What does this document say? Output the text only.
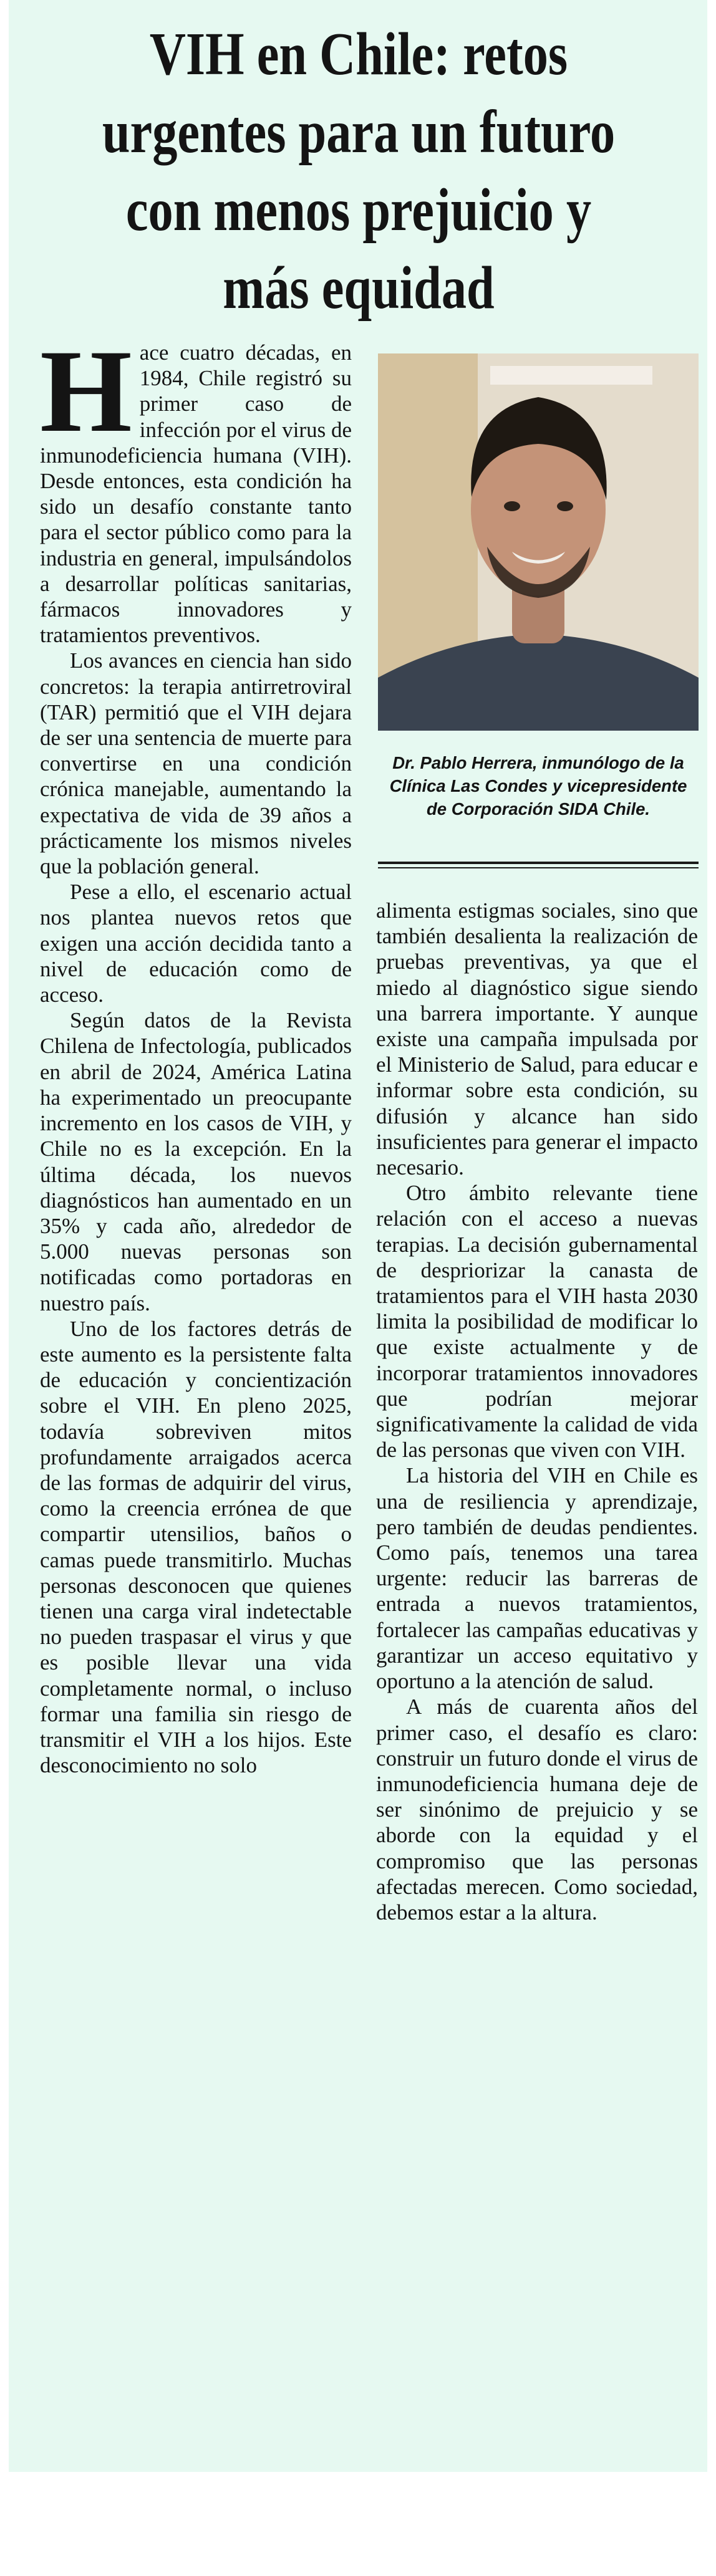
VIH en Chile: retos urgentes para un futuro con menos prejuicio y más equidad

Hace cuatro décadas, en 1984, Chile registró su primer caso de infección por el virus de inmunodeficiencia humana (VIH). Desde entonces, esta condición ha sido un desafío constante tanto para el sector público como para la industria en general, impulsándolos a desarrollar políticas sanitarias, fármacos innovadores y tratamientos preventivos.

Los avances en ciencia han sido concretos: la terapia antirretroviral (TAR) permitió que el VIH dejara de ser una sentencia de muerte para convertirse en una condición crónica manejable, aumentando la expectativa de vida de 39 años a prácticamente los mismos niveles que la población general.

Pese a ello, el escenario actual nos plantea nuevos retos que exigen una acción decidida tanto a nivel de educación como de acceso.

Según datos de la Revista Chilena de Infectología, publicados en abril de 2024, América Latina ha experimentado un preocupante incremento en los casos de VIH, y Chile no es la excepción. En la última década, los nuevos diagnósticos han aumentado en un 35% y cada año, alrededor de 5.000 nuevas personas son notificadas como portadoras en nuestro país.

Uno de los factores detrás de este aumento es la persistente falta de educación y concientización sobre el VIH. En pleno 2025, todavía sobreviven mitos profundamente arraigados acerca de las formas de adquirir del virus, como la creencia errónea de que compartir utensilios, baños o camas puede transmitirlo. Muchas personas desconocen que quienes tienen una carga viral indetectable no pueden traspasar el virus y que es posible llevar una vida completamente normal, o incluso formar una familia sin riesgo de transmitir el VIH a los hijos. Este desconocimiento no solo

Dr. Pablo Herrera, inmunólogo de la Clínica Las Condes y vicepresidente de Corporación SIDA Chile.

alimenta estigmas sociales, sino que también desalienta la realización de pruebas preventivas, ya que el miedo al diagnóstico sigue siendo una barrera importante. Y aunque existe una campaña impulsada por el Ministerio de Salud, para educar e informar sobre esta condición, su difusión y alcance han sido insuficientes para generar el impacto necesario.

Otro ámbito relevante tiene relación con el acceso a nuevas terapias. La decisión gubernamental de despriorizar la canasta de tratamientos para el VIH hasta 2030 limita la posibilidad de modificar lo que existe actualmente y de incorporar tratamientos innovadores que podrían mejorar significativamente la calidad de vida de las personas que viven con VIH.

La historia del VIH en Chile es una de resiliencia y aprendizaje, pero también de deudas pendientes. Como país, tenemos una tarea urgente: reducir las barreras de entrada a nuevos tratamientos, fortalecer las campañas educativas y garantizar un acceso equitativo y oportuno a la atención de salud.

A más de cuarenta años del primer caso, el desafío es claro: construir un futuro donde el virus de inmunodeficiencia humana deje de ser sinónimo de prejuicio y se aborde con la equidad y el compromiso que las personas afectadas merecen. Como sociedad, debemos estar a la altura.
